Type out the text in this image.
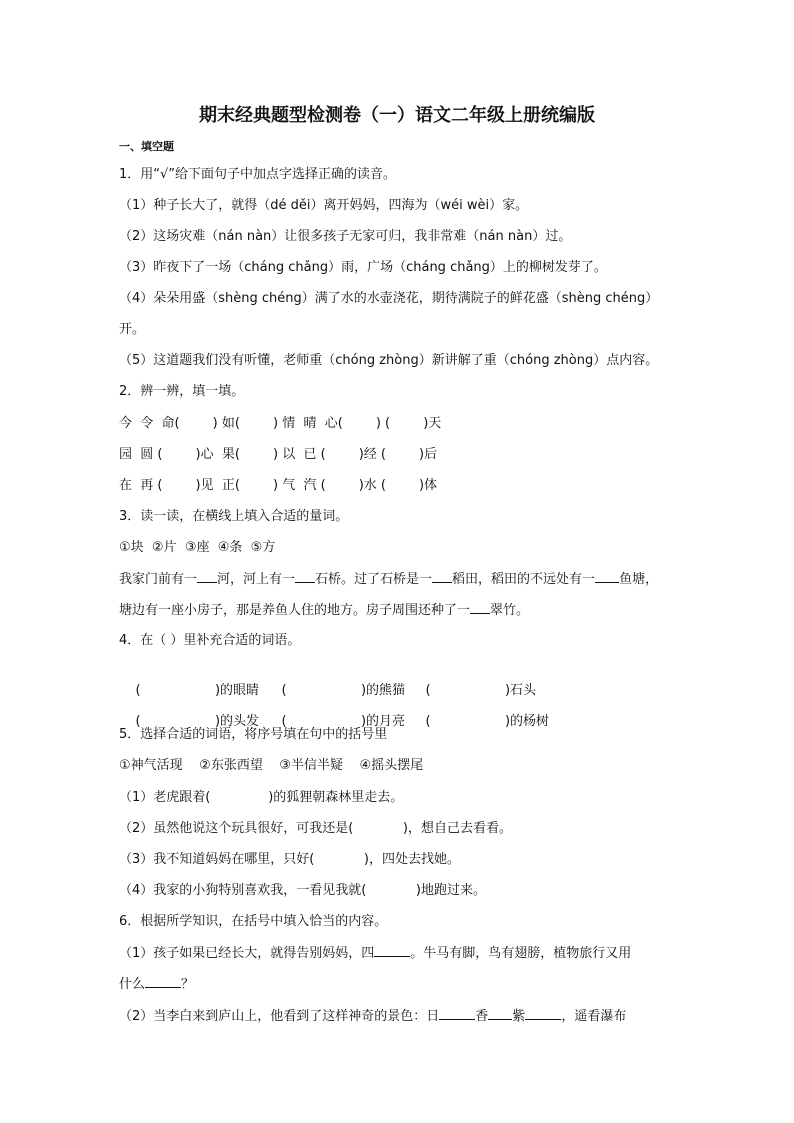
期末经典题型检测卷（一）语文二年级上册统编版
一、填空题
1．用“√”给下面句子中加点字选择正确的读音。
（1）种子长大了，就得（dé děi）离开妈妈，四海为（wéi wèi）家。
（2）这场灾难（nán nàn）让很多孩子无家可归，我非常难（nán nàn）过。
（3）昨夜下了一场（cháng chǎng）雨，广场（cháng chǎng）上的柳树发芽了。
（4）朵朵用盛（shèng chéng）满了水的水壶浇花，期待满院子的鲜花盛（shèng chéng）
开。
（5）这道题我们没有听懂，老师重（chóng zhòng）新讲解了重（chóng zhòng）点内容。
2．辨一辨，填一填。
今  令  命(        ) 如(        ) 情  晴  心(        ) (        )天
园  圆 (        )心  果(        ) 以  已 (        )经 (        )后
在  再 (        )见  正(        ) 气  汽 (        )水 (        )体
3．读一读，在横线上填入合适的量词。
①块  ②片  ③座  ④条  ⑤方
我家门前有一 河，河上有一 石桥。过了石桥是一 稻田，稻田的不远处有一 鱼塘，
塘边有一座小房子，那是养鱼人住的地方。房子周围还种了一 翠竹。
4．在（ ）里补充合适的词语。

(                  )的眼睛 (                  )的熊猫 (                  )石头

(                  )的头发 (                  )的月亮 (                  )的杨树

5．选择合适的词语，将序号填在句中的括号里
①神气活现    ②东张西望    ③半信半疑    ④摇头摆尾
（1）老虎跟着(              )的狐狸朝森林里走去。
（2）虽然他说这个玩具很好，可我还是(            )，想自己去看看。
（3）我不知道妈妈在哪里，只好(            )，四处去找她。
（4）我家的小狗特别喜欢我，一看见我就(            )地跑过来。
6．根据所学知识，在括号中填入恰当的内容。
（1）孩子如果已经长大，就得告别妈妈，四	。牛马有脚，鸟有翅膀，植物旅行又用
什么	？
（2）当李白来到庐山上，他看到了这样神奇的景色：日	香 紫	，遥看瀑布
